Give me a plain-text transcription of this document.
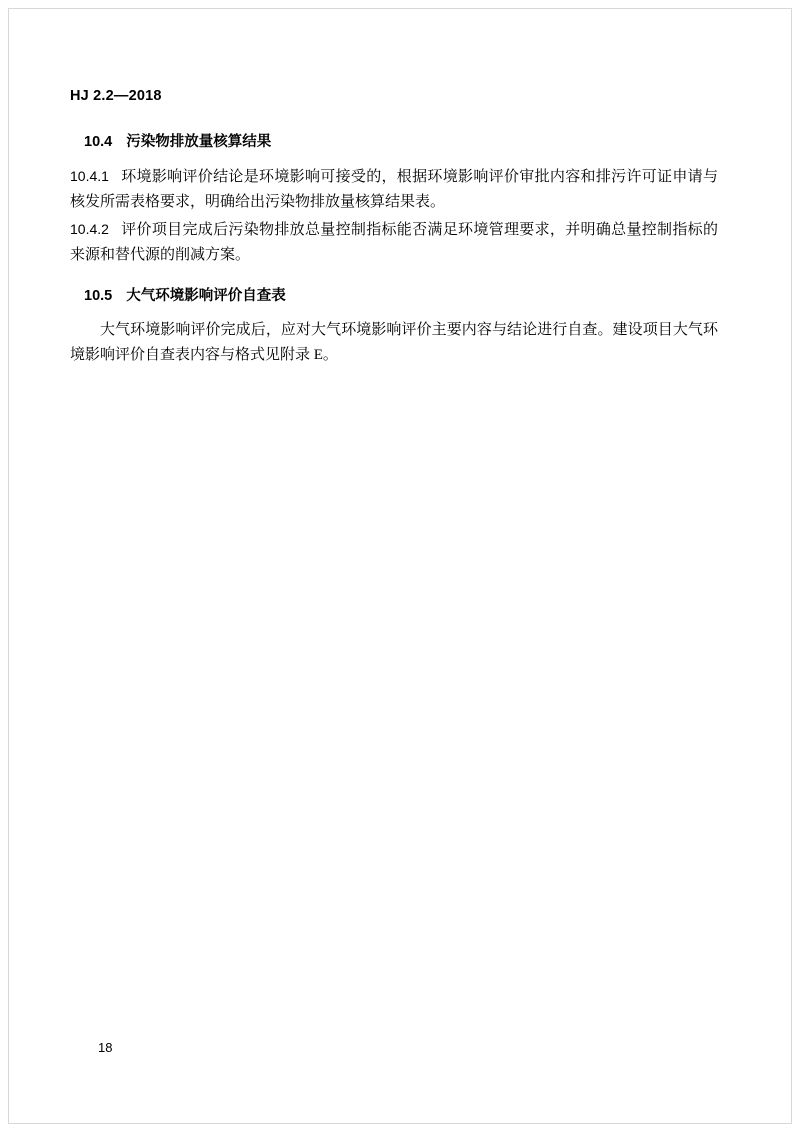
HJ 2.2—2018
10.4 污染物排放量核算结果

10.4.1 环境影响评价结论是环境影响可接受的，根据环境影响评价审批内容和排污许可证申请与核发所需表格要求，明确给出污染物排放量核算结果表。

10.4.2 评价项目完成后污染物排放总量控制指标能否满足环境管理要求，并明确总量控制指标的来源和替代源的削减方案。

10.5 大气环境影响评价自查表

大气环境影响评价完成后，应对大气环境影响评价主要内容与结论进行自查。建设项目大气环境影响评价自查表内容与格式见附录 E。

18
